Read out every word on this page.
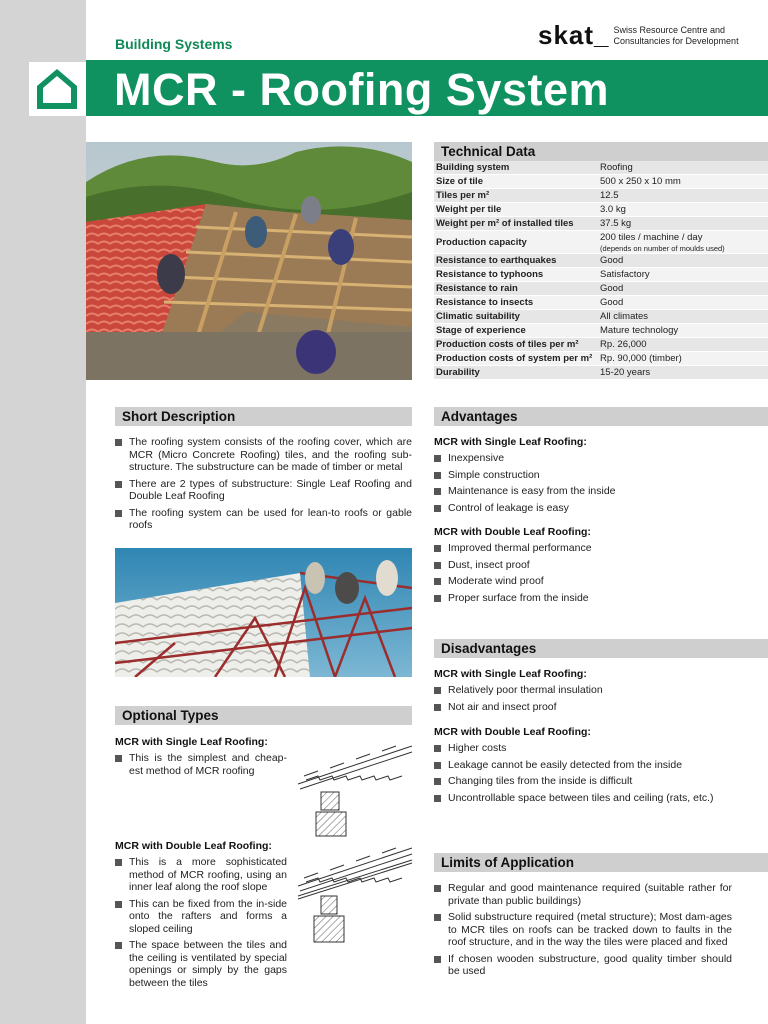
Building Systems	skat_ Swiss Resource Centre and
Consultancies for Development
MCR - Roofing System
Technical Data
Building system	Roofing
Size of tile	500 x 250 x 10 mm
Tiles per m²	12.5
Weight per tile	3.0 kg
Weight per m² of installed tiles	37.5 kg
Production capacity	200 tiles / machine / day
(depends on number of moulds used)

Resistance to earthquakes	Good
Resistance to typhoons	Satisfactory
Resistance to rain	Good
Resistance to insects	Good
Climatic suitability	All climates
Stage of experience	Mature technology
Production costs of tiles per m²	Rp. 26,000
Production costs of system per m²	Rp. 90,000 (timber)
Durability	15-20 years
Short Description
The roofing system consists of the roofing cover, which are MCR (Micro Concrete Roofing) tiles, and the roofing sub-structure. The substructure can be made of timber or metal
There are 2 types of substructure: Single Leaf Roofing and Double Leaf Roofing
The roofing system can be used for lean-to roofs or gable roofs
Optional Types
MCR with Single Leaf Roofing:
This is the simplest and cheap-est method of MCR roofing
MCR with Double Leaf Roofing:
This is a more sophisticated method of MCR roofing, using an inner leaf along the roof slope
This can be fixed from the in-side onto the rafters and forms a sloped ceiling
The space between the tiles and the ceiling is ventilated by special openings or simply by the gaps between the tiles
Advantages
MCR with Single Leaf Roofing:
Inexpensive
Simple construction
Maintenance is easy from the inside
Control of leakage is easy
MCR with Double Leaf Roofing:
Improved thermal performance
Dust, insect proof
Moderate wind proof
Proper surface from the inside
Disadvantages
MCR with Single Leaf Roofing:
Relatively poor thermal insulation
Not air and insect proof
MCR with Double Leaf Roofing:
Higher costs
Leakage cannot be easily detected from the inside
Changing tiles from the inside is difficult
Uncontrollable space between tiles and ceiling (rats, etc.)
Limits of Application
Regular and good maintenance required (suitable rather for private than public buildings)
Solid substructure required (metal structure); Most dam-ages to MCR tiles on roofs can be tracked down to faults in the roof structure, and in the way the tiles were placed and fixed
If chosen wooden substructure, good quality timber should be used
